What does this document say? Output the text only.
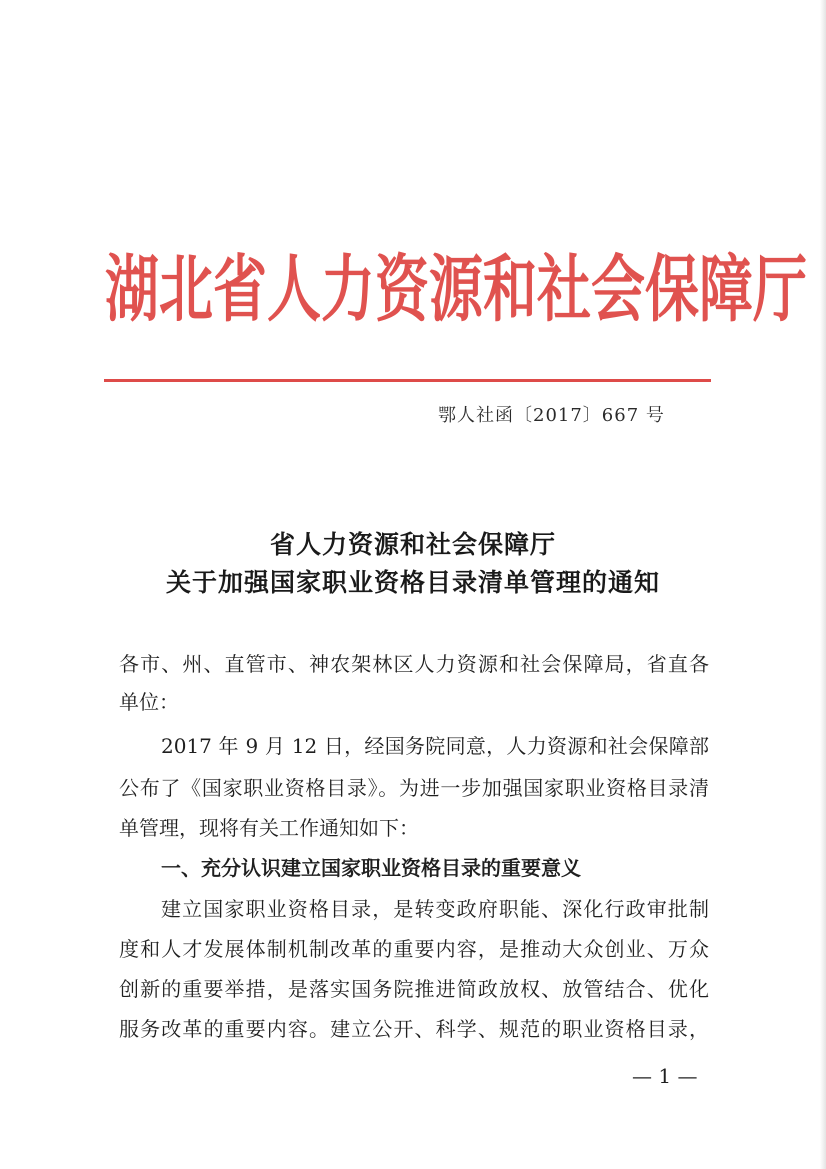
湖北省人力资源和社会保障厅
鄂人社函〔2017〕667 号
省人力资源和社会保障厅
关于加强国家职业资格目录清单管理的通知
各市、州、直管市、神农架林区人力资源和社会保障局，省直各
单位：
2017 年 9 月 12 日，经国务院同意，人力资源和社会保障部
公布了《国家职业资格目录》。为进一步加强国家职业资格目录清
单管理，现将有关工作通知如下：
一、充分认识建立国家职业资格目录的重要意义
建立国家职业资格目录，是转变政府职能、深化行政审批制
度和人才发展体制机制改革的重要内容，是推动大众创业、万众
创新的重要举措，是落实国务院推进简政放权、放管结合、优化
服务改革的重要内容。建立公开、科学、规范的职业资格目录，
— 1 —
